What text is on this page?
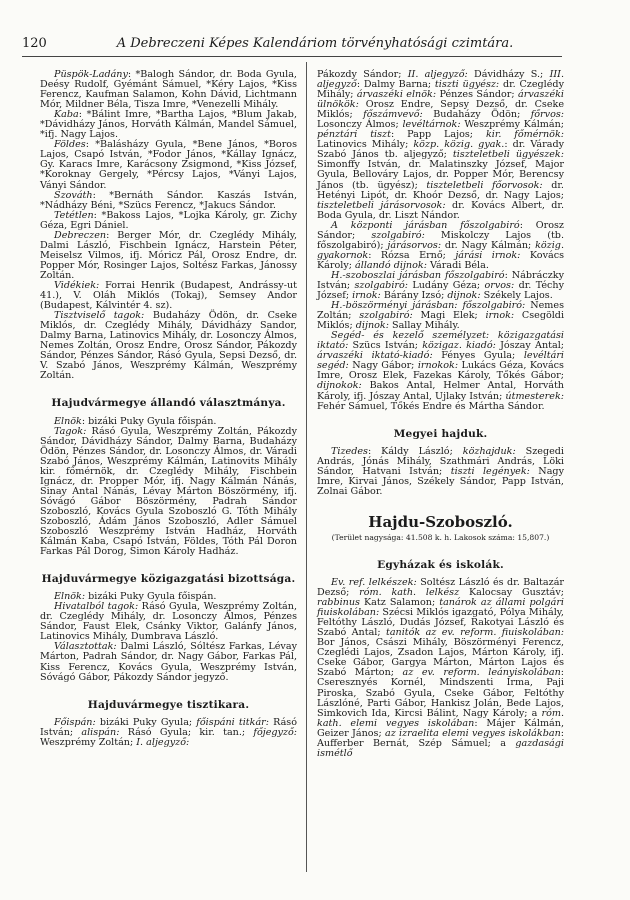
120	A Debreczeni Képes Kalendáriom törvényhatósági czimtára.

Püspök-Ladány: *Balogh Sándor, dr. Boda Gyula, Deésy Rudolf, Gyémánt Sámuel, *Kéry Lajos, *Kiss Ferencz, Kaufman Salamon, Kohn Dávid, Lichtmann Mór, Mildner Béla, Tisza Imre, *Venezelli Mihály.

Kaba: *Bálint Imre, *Bartha Lajos, *Blum Jakab, *Dávidházy János, Horváth Kálmán, Mandel Sámuel, *ifj. Nagy Lajos.

Földes: *Balásházy Gyula, *Bene János, *Boros Lajos, Csapó István, *Fodor János, *Kállay Ignácz, Gy. Karacs Imre, Karácsony Zsigmond, *Kiss József, *Koroknay Gergely, *Pércsy Lajos, *Ványi Lajos, Ványi Sándor.

Szováth: *Bernáth Sándor. Kaszás István, *Nádházy Béni, *Szücs Ferencz, *Jakucs Sándor.

Tetétlen: *Bakoss Lajos, *Lojka Károly, gr. Zichy Géza, Egri Dániel.

Debreczen: Berger Mór, dr. Czeglédy Mihály, Dalmi László, Fischbein Ignácz, Harstein Péter, Meiselsz Vilmos, ifj. Móricz Pál, Orosz Endre, dr. Popper Mór, Rosinger Lajos, Soltész Farkas, Jánossy Zoltán.

Vidékiek: Forrai Henrik (Budapest, Andrássy-ut 41.), V. Oláh Miklós (Tokaj), Semsey Andor (Budapest, Kálvintér 4. sz).

Tisztviselő tagok: Budaházy Ödön, dr. Cseke Miklós, dr. Czeglédy Mihály, Dávidházy Sandor, Dalmy Barna, Latinovics Mihály, dr. Losonczy Álmos, Nemes Zoltán, Orosz Endre, Orosz Sándor, Pákozdy Sándor, Pénzes Sándor, Rásó Gyula, Sepsi Dezső, dr. V. Szabó János, Weszprémy Kálmán, Weszprémy Zoltán.

Hajudvármegye állandó választmánya.

Elnök: bizáki Puky Gyula főispán.

Tagok: Rásó Gyula, Weszprémy Zoltán, Pákozdy Sándor, Dávidházy Sándor, Dalmy Barna, Budaházy Ödön, Pénzes Sándor, dr. Losonczy Álmos, dr. Váradi Szabó János, Weszprémy Kálmán, Latinovits Mihály kir. főmérnök, dr. Czeglédy Mihály, Fischbein Ignácz, dr. Propper Mór, ifj. Nagy Kálmán Nánás, Sinay Antal Nánás, Lévay Márton Böszörmény, ifj. Sóvágó Gábor Böszörmény, Padrah Sándor Szoboszló, Kovács Gyula Szoboszló G. Tóth Mihály Szoboszló, Ádám János Szoboszló, Adler Sámuel Szoboszló Weszprémy István Hadház, Horváth Kálmán Kaba, Csapó István, Földes, Tóth Pál Doron Farkas Pál Dorog, Simon Károly Hadház.

Hajduvármegye közigazgatási bizottsága.

Elnök: bizáki Puky Gyula főispán.

Hivatalból tagok: Rásó Gyula, Weszprémy Zoltán, dr. Czeglédy Mihály, dr. Losonczy Álmos, Pénzes Sándor, Faust Elek, Csánky Viktor, Galánfy János, Latinovics Mihály, Dumbrava László.

Választottak: Dalmi László, Sóltész Farkas, Lévay Márton, Padrah Sándor, dr. Nagy Gábor, Farkas Pál, Kiss Ferencz, Kovács Gyula, Weszprémy István, Sóvágó Gábor, Pákozdy Sándor jegyző.

Hajduvármegye tisztikara.

Főispán: bizáki Puky Gyula; főispáni titkár: Rásó István; alispán: Rásó Gyula; kir. tan.; főjegyző: Weszprémy Zoltán; I. aljegyző:

Pákozdy Sándor; II. aljegyző: Dávidházy S.; III. aljegyző: Dalmy Barna; tiszti ügyész: dr. Czeglédy Mihály; árvaszéki elnök: Pénzes Sándor; árvaszéki ülnökök: Orosz Endre, Sepsy Dezső, dr. Cseke Miklós; főszámvevő: Budaházy Ödön; főrvos: Losonczy Álmos; levéltárnok: Weszprémy Kálmán; pénztári tiszt: Papp Lajos; kir. főmérnök: Latinovics Mihály; közp. közig. gyak.: dr. Várady Szabó János tb. aljegyző; tiszteletbeli ügyészek: Simonffy István, dr. Malatinszky József, Major Gyula, Bellováry Lajos, dr. Popper Mór, Berencsy János (tb. ügyész); tiszteletbeli főorvosok: dr. Hetényi Lipót, dr. Khoór Dezső, dr. Nagy Lajos; tiszteletbeli járásorvosok: dr. Kovács Albert, dr. Boda Gyula, dr. Liszt Nándor.

A központi járásban főszolgabiró: Orosz Sándor; szolgabiró: Miskolczy Lajos (tb. főszolgabiró); járásorvos: dr. Nagy Kálmán; közig. gyakornok: Rózsa Ernő; járási irnok: Kovács Károly; állandó dijnok: Váradi Béla.

H.-szoboszlai járásban főszolgabiró: Nábráczky István; szolgabiró: Ludány Géza; orvos: dr. Téchy József; irnok: Bárány Izsó; dijnok: Székely Lajos.

H.-böszörményi járásban: főszolgabiró: Nemes Zoltán; szolgabiró: Magi Elek; irnok: Csegöldi Miklós; dijnok: Sallay Mihály.

Segéd- és kezelő személyzet: közigazgatási iktató: Szücs István; közigaz. kiadó: Jószay Antal; árvaszéki iktató-kiadó: Fényes Gyula; levéltári segéd: Nagy Gábor; irnokok: Lukács Géza, Kovács Imre, Orosz Elek, Fazekas Károly, Tőkés Gábor; dijnokok: Bakos Antal, Helmer Antal, Horváth Károly, ifj. Jószay Antal, Ujlaky István; útmesterek: Fehér Sámuel, Tőkés Endre és Mártha Sándor.

Megyei hajduk.

Tizedes: Káldy László; közhajduk: Szegedi András, Jónás Mihály, Szathmári András, Löki Sándor, Hatvani István; tiszti legények: Nagy Imre, Kirvai János, Székely Sándor, Papp István, Zolnai Gábor.

Hajdu-Szoboszló.
(Terület nagysága: 41.508 k. h. Lakosok száma: 15,807.)
Egyházak és iskolák.

Ev. ref. lelkészek: Soltész László és dr. Baltazár Dezső; róm. kath. lelkész Kalocsay Gusztáv; rabbinus Katz Salamon; tanárok az állami polgári fiuiskolában: Szécsi Miklós igazgató, Pólya Mihály, Feltóthy László, Dudás József, Rakotyai László és Szabó Antal; tanitók az ev. reform. fiuiskolában: Bor János, Császi Mihály, Böszörményi Ferencz, Czeglédi Lajos, Zsadon Lajos, Márton Károly, ifj. Cseke Gábor, Gargya Márton, Márton Lajos és Szabó Márton; az ev. reform. leányiskolában: Cseresznyés Kornél, Mindszenti Irma, Paji Piroska, Szabó Gyula, Cseke Gábor, Feltóthy Lászlóné, Parti Gábor, Hankisz Jolán, Bede Lajos, Simkovich Ida, Kircsi Bálint, Nagy Károly; a róm. kath. elemi vegyes iskolában: Májer Kálmán, Geizer János; az izraelita elemi vegyes iskolákban: Aufferber Bernát, Szép Sámuel; a gazdasági ismétlő
